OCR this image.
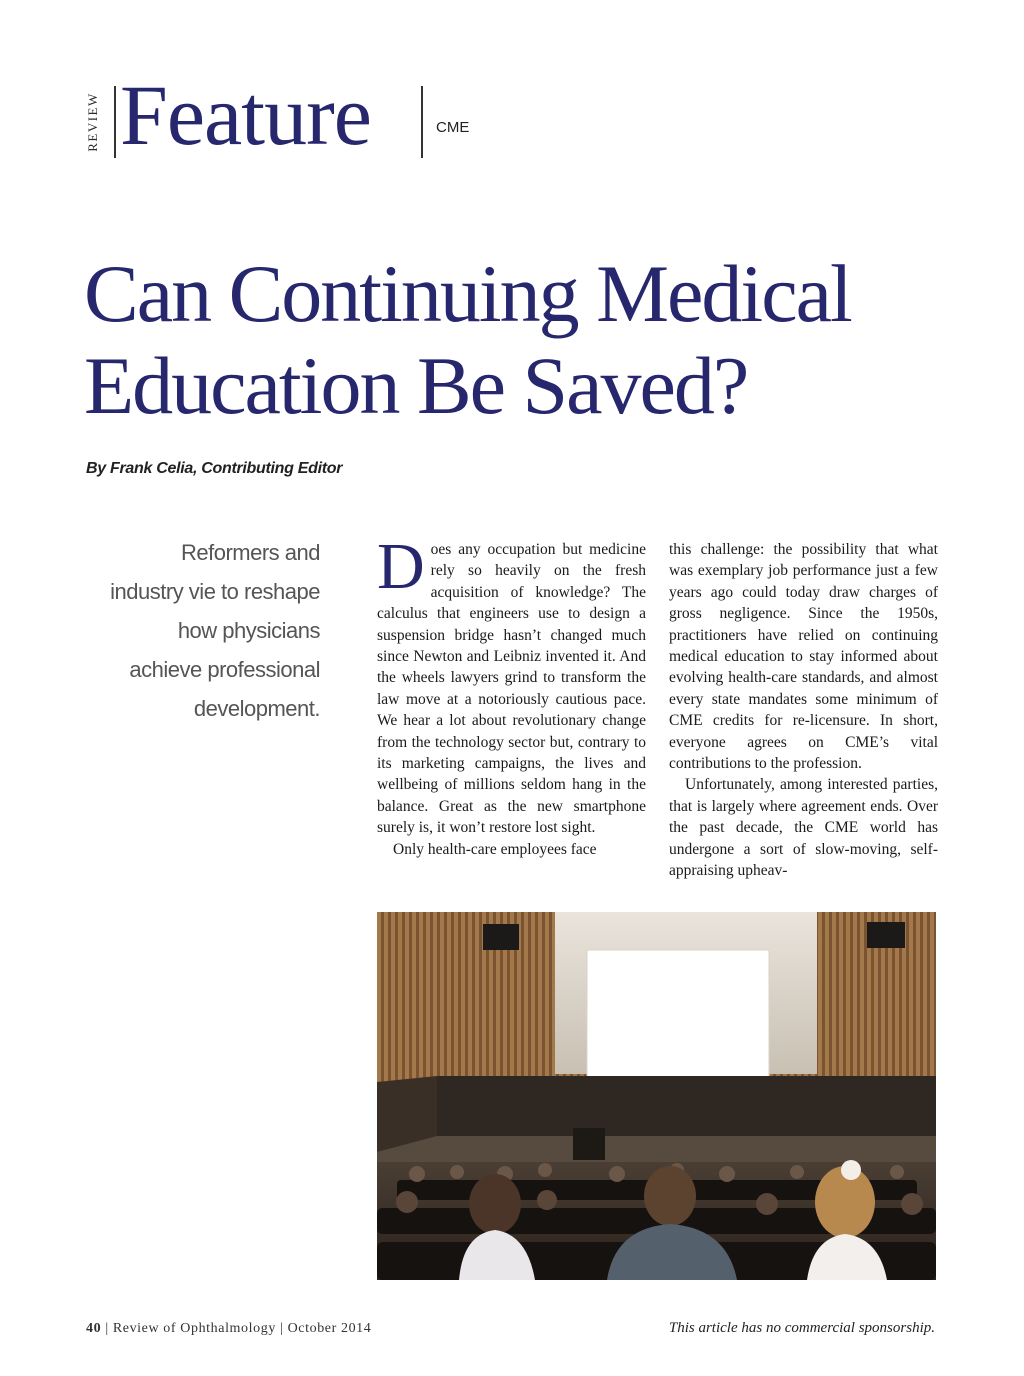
REVIEW Feature	CME
Can Continuing Medical Education Be Saved?
By Frank Celia, Contributing Editor
Reformers and industry vie to reshape how physicians achieve professional development.

Does any occupation but medicine rely so heavily on the fresh acquisition of knowledge? The calculus that engineers use to design a suspension bridge hasn’t changed much since Newton and Leibniz invented it. And the wheels lawyers grind to transform the law move at a notoriously cautious pace. We hear a lot about revolutionary change from the technology sector but, contrary to its marketing campaigns, the lives and wellbeing of millions seldom hang in the balance. Great as the new smartphone surely is, it won’t restore lost sight.

Only health-care employees face

this challenge: the possibility that what was exemplary job performance just a few years ago could today draw charges of gross negligence. Since the 1950s, practitioners have relied on continuing medical education to stay informed about evolving health-care standards, and almost every state mandates some minimum of CME credits for re-licensure. In short, everyone agrees on CME’s vital contributions to the profession.

Unfortunately, among interested parties, that is largely where agreement ends. Over the past decade, the CME world has undergone a sort of slow-moving, self-appraising upheav-

40 | Review of Ophthalmology | October 2014	This article has no commercial sponsorship.
